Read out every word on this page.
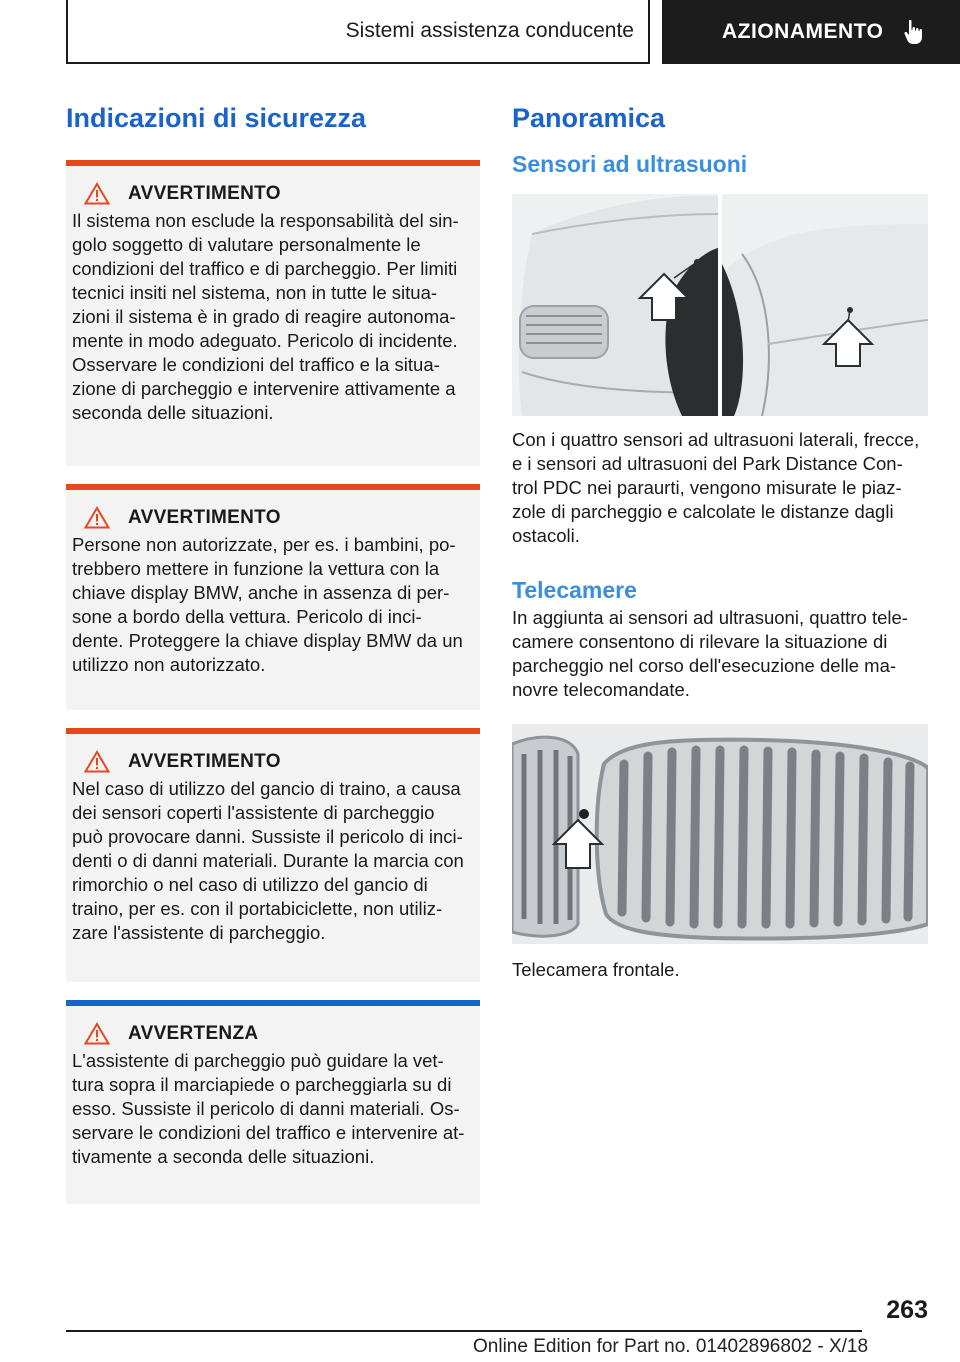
Sistemi assistenza conducente	AZIONAMENTO
Indicazioni di sicurezza
AVVERTIMENTO
Il sistema non esclude la responsabilità del sin-
golo soggetto di valutare personalmente le
condizioni del traffico e di parcheggio. Per limiti
tecnici insiti nel sistema, non in tutte le situa-
zioni il sistema è in grado di reagire autonoma-
mente in modo adeguato. Pericolo di incidente.
Osservare le condizioni del traffico e la situa-
zione di parcheggio e intervenire attivamente a
seconda delle situazioni.
AVVERTIMENTO
Persone non autorizzate, per es. i bambini, po-
trebbero mettere in funzione la vettura con la
chiave display BMW, anche in assenza di per-
sone a bordo della vettura. Pericolo di inci-
dente. Proteggere la chiave display BMW da un
utilizzo non autorizzato.
AVVERTIMENTO
Nel caso di utilizzo del gancio di traino, a causa
dei sensori coperti l'assistente di parcheggio
può provocare danni. Sussiste il pericolo di inci-
denti o di danni materiali. Durante la marcia con
rimorchio o nel caso di utilizzo del gancio di
traino, per es. con il portabiciclette, non utiliz-
zare l'assistente di parcheggio.
AVVERTENZA
L'assistente di parcheggio può guidare la vet-
tura sopra il marciapiede o parcheggiarla su di
esso. Sussiste il pericolo di danni materiali. Os-
servare le condizioni del traffico e intervenire at-
tivamente a seconda delle situazioni.
Panoramica
Sensori ad ultrasuoni
Con i quattro sensori ad ultrasuoni laterali, frecce,
e i sensori ad ultrasuoni del Park Distance Con-
trol PDC nei paraurti, vengono misurate le piaz-
zole di parcheggio e calcolate le distanze dagli
ostacoli.
Telecamere
In aggiunta ai sensori ad ultrasuoni, quattro tele-
camere consentono di rilevare la situazione di
parcheggio nel corso dell'esecuzione delle ma-
novre telecomandate.
Telecamera frontale.
263
Online Edition for Part no. 01402896802 - X/18
